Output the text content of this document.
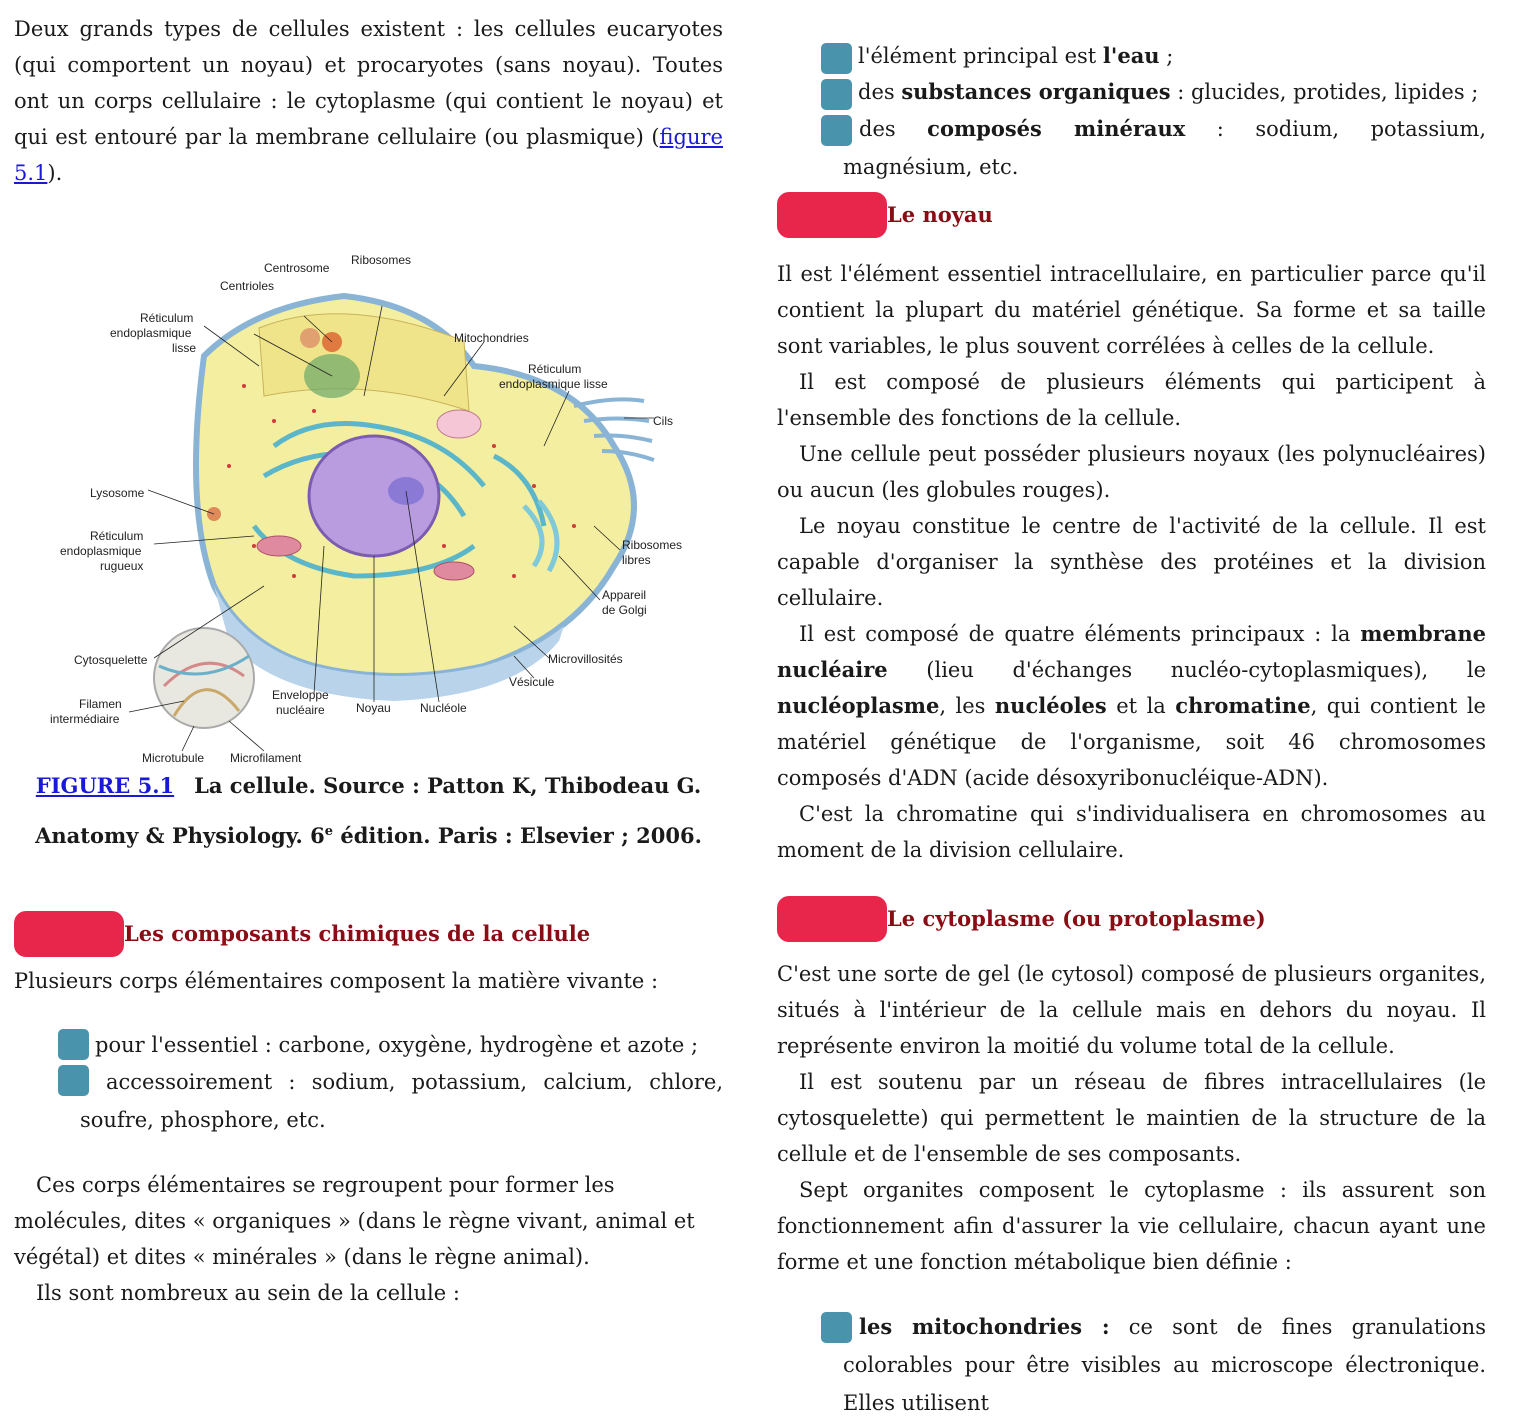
Deux grands types de cellules existent : les cellules eucaryotes (qui comportent un noyau) et procaryotes (sans noyau). Toutes ont un corps cellulaire : le cytoplasme (qui contient le noyau) et qui est entouré par la membrane cellulaire (ou plasmique) (figure 5.1).

Centrosome
Ribosomes
Centrioles
Réticulum
endoplasmique
lisse
Mitochondries
Réticulum
endoplasmique lisse
Cils
Lysosome
Réticulum
endoplasmique
rugueux
Ribosomes
libres
Appareil
de Golgi
Cytosquelette	Microvillosités
Vésicule
Filamen
intermédiaire
Enveloppe
nucléaire	Noyau Nucléole
Microtubule Microfilament
FIGURE 5.1 La cellule. Source : Patton K, Thibodeau G.
Anatomy & Physiology. 6e édition. Paris : Elsevier ; 2006.
Les composants chimiques de la cellule

Plusieurs corps élémentaires composent la matière vivante :

pour l'essentiel : carbone, oxygène, hydrogène et azote ;

accessoirement : sodium, potassium, calcium, chlore, soufre, phosphore, etc.

Ces corps élémentaires se regroupent pour former les molécules, dites « organiques » (dans le règne vivant, animal et végétal) et dites « minérales » (dans le règne animal).

Ils sont nombreux au sein de la cellule :

l'élément principal est l'eau ;

des substances organiques : glucides, protides, lipides ;

des composés minéraux : sodium, potassium, magnésium, etc.

Le noyau

Il est l'élément essentiel intracellulaire, en particulier parce qu'il contient la plupart du matériel génétique. Sa forme et sa taille sont variables, le plus souvent corrélées à celles de la cellule.

Il est composé de plusieurs éléments qui participent à l'ensemble des fonctions de la cellule.

Une cellule peut posséder plusieurs noyaux (les polynucléaires) ou aucun (les globules rouges).

Le noyau constitue le centre de l'activité de la cellule. Il est capable d'organiser la synthèse des protéines et la division cellulaire.

Il est composé de quatre éléments principaux : la membrane nucléaire (lieu d'échanges nucléo-cytoplasmiques), le nucléoplasme, les nucléoles et la chromatine, qui contient le matériel génétique de l'organisme, soit 46 chromosomes composés d'ADN (acide désoxyribonucléique-ADN).

C'est la chromatine qui s'individualisera en chromosomes au moment de la division cellulaire.

Le cytoplasme (ou protoplasme)

C'est une sorte de gel (le cytosol) composé de plusieurs organites, situés à l'intérieur de la cellule mais en dehors du noyau. Il représente environ la moitié du volume total de la cellule.

Il est soutenu par un réseau de fibres intracellulaires (le cytosquelette) qui permettent le maintien de la structure de la cellule et de l'ensemble de ses composants.

Sept organites composent le cytoplasme : ils assurent son fonctionnement afin d'assurer la vie cellulaire, chacun ayant une forme et une fonction métabolique bien définie :

les mitochondries : ce sont de fines granulations colorables pour être visibles au microscope électronique. Elles utilisent
